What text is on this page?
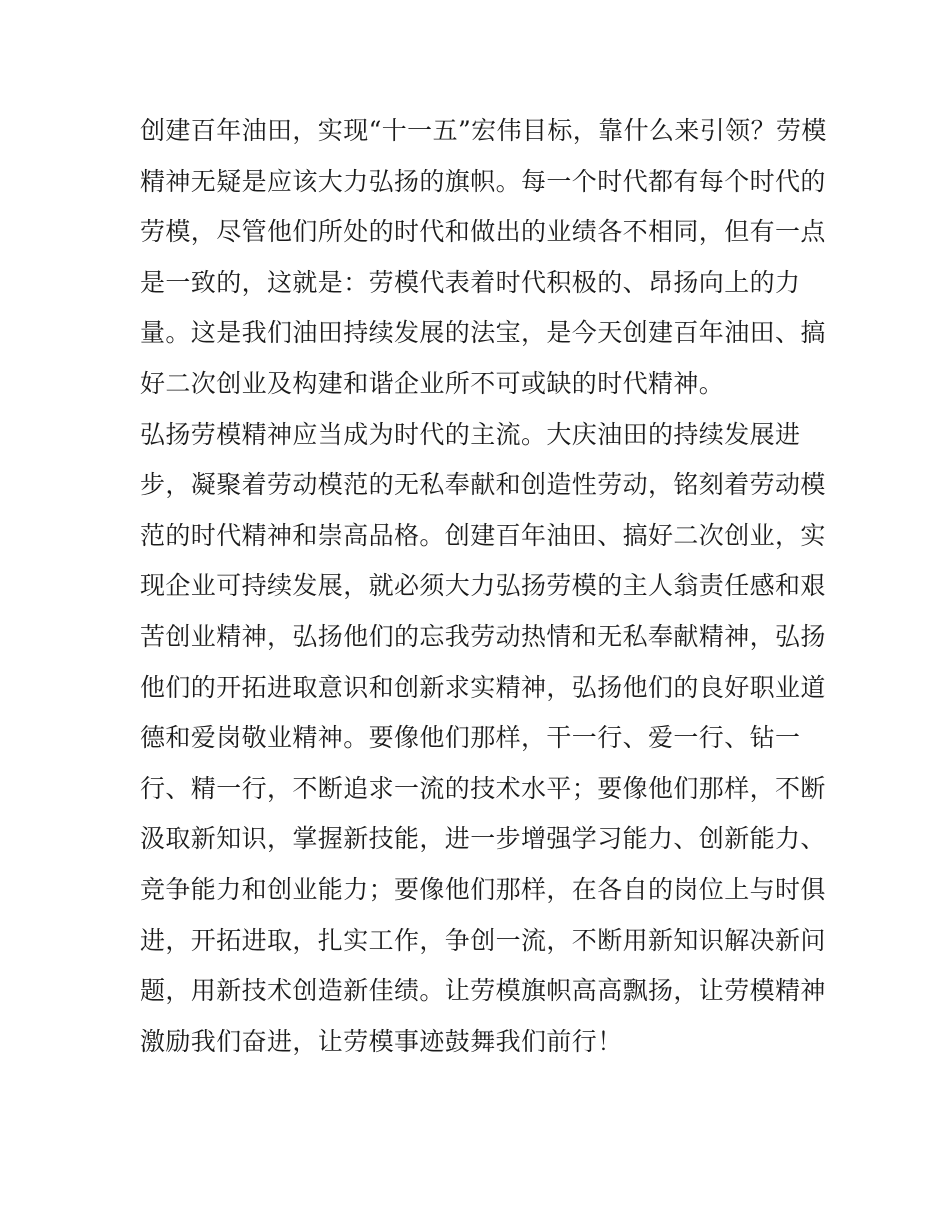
创建百年油田，实现“十一五”宏伟目标，靠什么来引领？劳模
精神无疑是应该大力弘扬的旗帜。每一个时代都有每个时代的
劳模，尽管他们所处的时代和做出的业绩各不相同，但有一点
是一致的，这就是：劳模代表着时代积极的、昂扬向上的力
量。这是我们油田持续发展的法宝，是今天创建百年油田、搞
好二次创业及构建和谐企业所不可或缺的时代精神。
弘扬劳模精神应当成为时代的主流。大庆油田的持续发展进
步，凝聚着劳动模范的无私奉献和创造性劳动，铭刻着劳动模
范的时代精神和崇高品格。创建百年油田、搞好二次创业，实
现企业可持续发展，就必须大力弘扬劳模的主人翁责任感和艰
苦创业精神，弘扬他们的忘我劳动热情和无私奉献精神，弘扬
他们的开拓进取意识和创新求实精神，弘扬他们的良好职业道
德和爱岗敬业精神。要像他们那样，干一行、爱一行、钻一
行、精一行，不断追求一流的技术水平；要像他们那样，不断
汲取新知识，掌握新技能，进一步增强学习能力、创新能力、
竞争能力和创业能力；要像他们那样，在各自的岗位上与时俱
进，开拓进取，扎实工作，争创一流，不断用新知识解决新问
题，用新技术创造新佳绩。让劳模旗帜高高飘扬，让劳模精神
激励我们奋进，让劳模事迹鼓舞我们前行！
